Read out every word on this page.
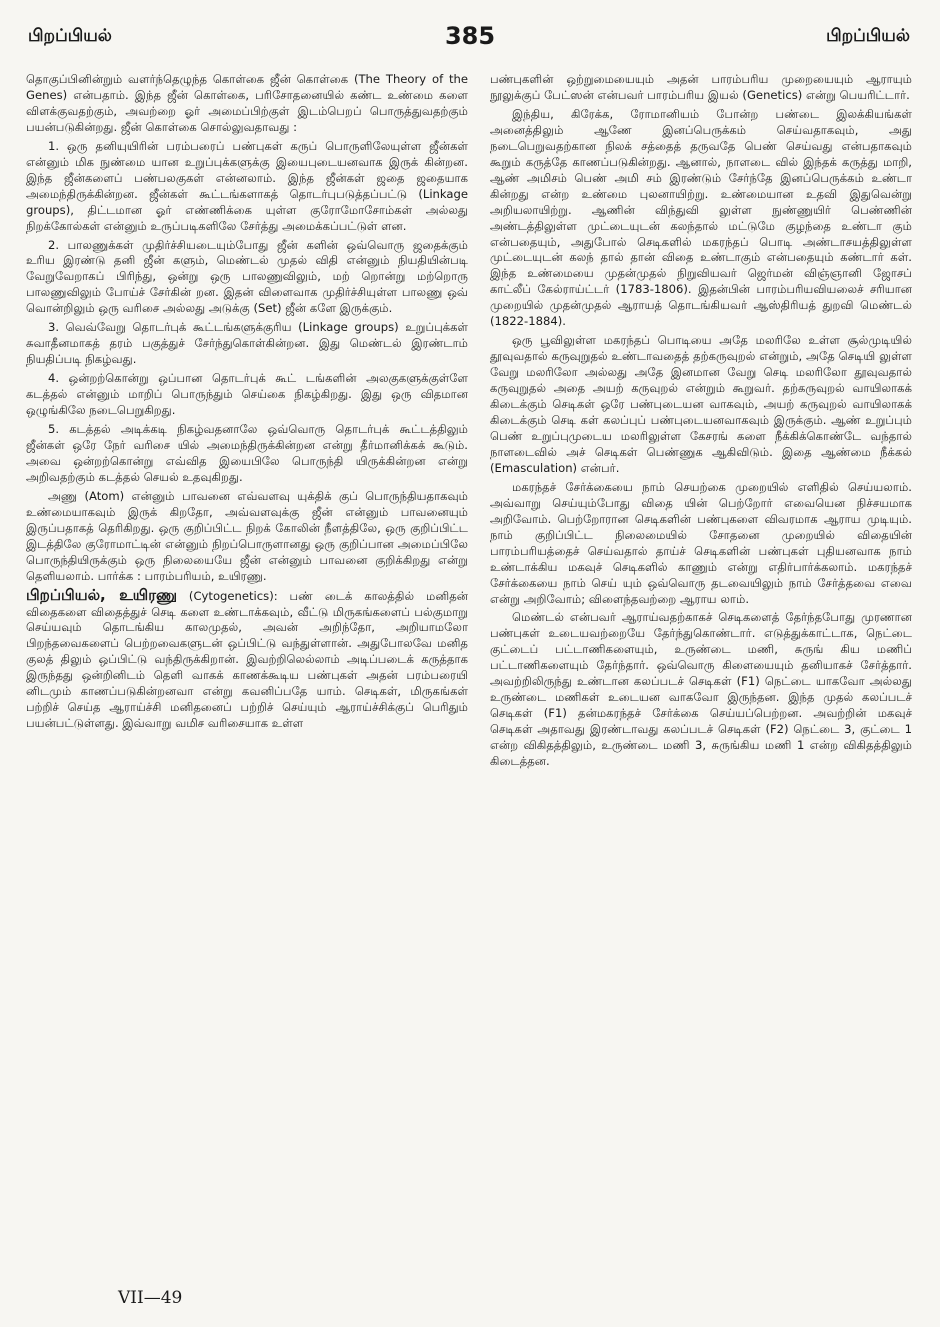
பிறப்பியல்	385	பிறப்பியல்

தொகுப்பினின்றும் வளர்ந்தெழுந்த கொள்கை ஜீன் கொள்கை (The Theory of the Genes) என்பதாம். இந்த ஜீன் கொள்கை, பரிசோதனையில் கண்ட உண்மை களை விளக்குவதற்கும், அவற்றை ஓர் அமைப்பிற்குள் இடம்பெறப் பொருத்துவதற்கும் பயன்படுகின்றது. ஜீன் கொள்கை சொல்லுவதாவது :

1. ஒரு தனியுயிரின் பரம்பரைப் பண்புகள் கருப் பொருளிலேயுள்ள ஜீன்கள் என்னும் மிக நுண்மை யான உறுப்புக்களுக்கு இயைபுடையனவாக இருக் கின்றன. இந்த ஜீன்களைப் பண்பலகுகள் என்னலாம். இந்த ஜீன்கள் ஜதை ஜதையாக அமைந்திருக்கின்றன. ஜீன்கள் கூட்டங்களாகத் தொடர்புபடுத்தப்பட்டு (Linkage groups), திட்டமான ஓர் எண்ணிக்கை யுள்ள குரோமோசோம்கள் அல்லது நிறக்கோல்கள் என்னும் உருப்படிகளிலே சேர்த்து அமைக்கப்பட்டுள் ளன.

2. பாலணுக்கள் முதிர்ச்சியடையும்போது ஜீன் களின் ஒவ்வொரு ஜதைக்கும் உரிய இரண்டு தனி ஜீன் களும், மெண்டல் முதல் விதி என்னும் நியதியின்படி வேறுவேறாகப் பிரிந்து, ஒன்று ஒரு பாலணுவிலும், மற் றொன்று மற்றொரு பாலணுவிலும் போய்ச் சேர்கின் றன. இதன் விளைவாக முதிர்ச்சியுள்ள பாலணு ஒவ் வொன்றிலும் ஒரு வரிசை அல்லது அடுக்கு (Set) ஜீன் களே இருக்கும்.

3. வெவ்வேறு தொடர்புக் கூட்டங்களுக்குரிய (Linkage groups) உறுப்புக்கள் சுவாதீனமாகத் தரம் பகுத்துச் சேர்ந்துகொள்கின்றன. இது மெண்டல் இரண்டாம் நியதிப்படி நிகழ்வது.

4. ஒன்றற்கொன்று ஒப்பான தொடர்புக் கூட் டங்களின் அலகுகளுக்குள்ளே கடத்தல் என்னும் மாறிப் பொருந்தும் செய்கை நிகழ்கிறது. இது ஒரு விதமான ஒழுங்கிலே நடைபெறுகிறது.

5. கடத்தல் அடிக்கடி நிகழ்வதனாலே ஒவ்வொரு தொடர்புக் கூட்டத்திலும் ஜீன்கள் ஒரே நேர் வரிசை யில் அமைந்திருக்கின்றன என்று தீர்மானிக்கக் கூடும். அவை ஒன்றற்கொன்று எவ்வித இயைபிலே பொருந்தி யிருக்கின்றன என்று அறிவதற்கும் கடத்தல் செயல் உதவுகிறது.

அணு (Atom) என்னும் பாவனை எவ்வளவு யுக்திக் குப் பொருந்தியதாகவும் உண்மையாகவும் இருக் கிறதோ, அவ்வளவுக்கு ஜீன் என்னும் பாவனையும் இருப்பதாகத் தெரிகிறது. ஒரு குறிப்பிட்ட நிறக் கோலின் நீளத்திலே, ஒரு குறிப்பிட்ட இடத்திலே குரோமாட்டின் என்னும் நிறப்பொருளானது ஒரு குறிப்பான அமைப்பிலே பொருந்தியிருக்கும் ஒரு நிலையையே ஜீன் என்னும் பாவனை குறிக்கிறது என்று தெளியலாம். பார்க்க : பாரம்பரியம், உயிரணு.

பிறப்பியல், உயிரணு (Cytogenetics): பண் டைக் காலத்தில் மனிதன் விதைகளை விதைத்துச் செடி களை உண்டாக்கவும், வீட்டு மிருகங்களைப் பல்குமாறு செய்யவும் தொடங்கிய காலமுதல், அவன் அறிந்தோ, அறியாமலோ பிறந்தவைகளைப் பெற்றவைகளுடன் ஒப்பிட்டு வந்துள்ளான். அதுபோலவே மனித குலத் திலும் ஒப்பிட்டு வந்திருக்கிறான். இவற்றிலெல்லாம் அடிப்படைக் கருத்தாக இருந்தது ஒன்றினிடம் தெளி வாகக் காணக்கூடிய பண்புகள் அதன் பரம்பரையி னிடமும் காணப்படுகின்றனவா என்று கவனிப்பதே யாம். செடிகள், மிருகங்கள் பற்றிச் செய்த ஆராய்ச்சி மனிதனைப் பற்றிச் செய்யும் ஆராய்ச்சிக்குப் பெரிதும் பயன்பட்டுள்ளது. இவ்வாறு வமிச வரிசையாக உள்ள

பண்புகளின் ஒற்றுமையையும் அதன் பாரம்பரிய முறையையும் ஆராயும் நூலுக்குப் பேட்ஸன் என்பவர் பாரம்பரிய இயல் (Genetics) என்று பெயரிட்டார்.

இந்திய, கிரேக்க, ரோமானியம் போன்ற பண்டை இலக்கியங்கள் அனைத்திலும் ஆணே இனப்பெருக்கம் செய்வதாகவும், அது நடைபெறுவதற்கான நிலக் சத்தைத் தருவதே பெண் செய்வது என்பதாகவும் கூறும் கருத்தே காணப்படுகின்றது. ஆனால், நாளடை வில் இந்தக் கருத்து மாறி, ஆண் அமிசம் பெண் அமி சம் இரண்டும் சேர்ந்தே இனப்பெருக்கம் உண்டா கின்றது என்ற உண்மை புலனாயிற்று. உண்மையான உதவி இதுவென்று அறியலாயிற்று. ஆணின் விந்துவி லுள்ள நுண்ணுயிர் பெண்ணின் அண்டத்திலுள்ள முட்டையுடன் கலந்தால் மட்டுமே குழந்தை உண்டா கும் என்பதையும், அதுபோல் செடிகளில் மகரந்தப் பொடி அண்டாசயத்திலுள்ள முட்டையுடன் கலந் தால் தான் விதை உண்டாகும் என்பதையும் கண்டார் கள். இந்த உண்மையை முதன்முதல் நிறுவியவர் ஜெர்மன் விஞ்ஞானி ஜோசப் காட்லீப் கேல்ராய்ட்டர் (1783-1806). இதன்பின் பாரம்பரியவியலைச் சரியான முறையில் முதன்முதல் ஆராயத் தொடங்கியவர் ஆஸ்திரியத் துறவி மெண்டல் (1822-1884).

ஒரு பூவிலுள்ள மகரந்தப் பொடியை அதே மலரிலே உள்ள சூல்முடியில் தூவுவதால் கருவுறுதல் உண்டாவதைத் தற்கருவுறல் என்றும், அதே செடியி லுள்ள வேறு மலரிலோ அல்லது அதே இனமான வேறு செடி மலரிலோ தூவுவதால் கருவுறுதல் அதை அயற் கருவுறல் என்றும் கூறுவர். தற்கருவுறல் வாயிலாகக் கிடைக்கும் செடிகள் ஒரே பண்புடையன வாகவும், அயற் கருவுறல் வாயிலாகக் கிடைக்கும் செடி கள் கலப்புப் பண்புடையனவாகவும் இருக்கும். ஆண் உறுப்பும் பெண் உறுப்புமுடைய மலரிலுள்ள கேசரங் களை நீக்கிக்கொண்டே வந்தால் நாளடைவில் அச் செடிகள் பெண்ணுக ஆகிவிடும். இதை ஆண்மை நீக்கல் (Emasculation) என்பர்.

மகரந்தச் சேர்க்கையை நாம் செயற்கை முறையில் எளிதில் செய்யலாம். அவ்வாறு செய்யும்போது விதை யின் பெற்றோர் எவையென நிச்சயமாக அறிவோம். பெற்றோரான செடிகளின் பண்புகளை விவரமாக ஆராய முடியும். நாம் குறிப்பிட்ட நிலைமையில் சோதனை முறையில் விதையின் பாரம்பரியத்தைச் செய்வதால் தாய்ச் செடிகளின் பண்புகள் புதியனவாக நாம் உண்டாக்கிய மகவுச் செடிகளில் காணும் என்று எதிர்பார்க்கலாம். மகரந்தச் சேர்க்கையை நாம் செய் யும் ஒவ்வொரு தடவையிலும் நாம் சேர்த்தவை எவை என்று அறிவோம்; விளைந்தவற்றை ஆராய லாம்.

மெண்டல் என்பவர் ஆராய்வதற்காகச் செடிகளைத் தேர்ந்தபோது முரணான பண்புகள் உடையவற்றையே தேர்ந்துகொண்டார். எடுத்துக்காட்டாக, நெட்டை குட்டைப் பட்டாணிகளையும், உருண்டை மணி, சுருங் கிய மணிப் பட்டாணிகளையும் தேர்ந்தார். ஒவ்வொரு கிளையையும் தனியாகச் சேர்த்தார். அவற்றிலிருந்து உண்டான கலப்படச் செடிகள் (F1) நெட்டை யாகவோ அல்லது உருண்டை மணிகள் உடையன வாகவோ இருந்தன. இந்த முதல் கலப்படச் செடிகள் (F1) தன்மகரந்தச் சேர்க்கை செய்யப்பெற்றன. அவற்றின் மகவுச் செடிகள் அதாவது இரண்டாவது கலப்படச் செடிகள் (F2) நெட்டை 3, குட்டை 1 என்ற விகிதத்திலும், உருண்டை மணி 3, சுருங்கிய மணி 1 என்ற விகிதத்திலும் கிடைத்தன.

VII—49
